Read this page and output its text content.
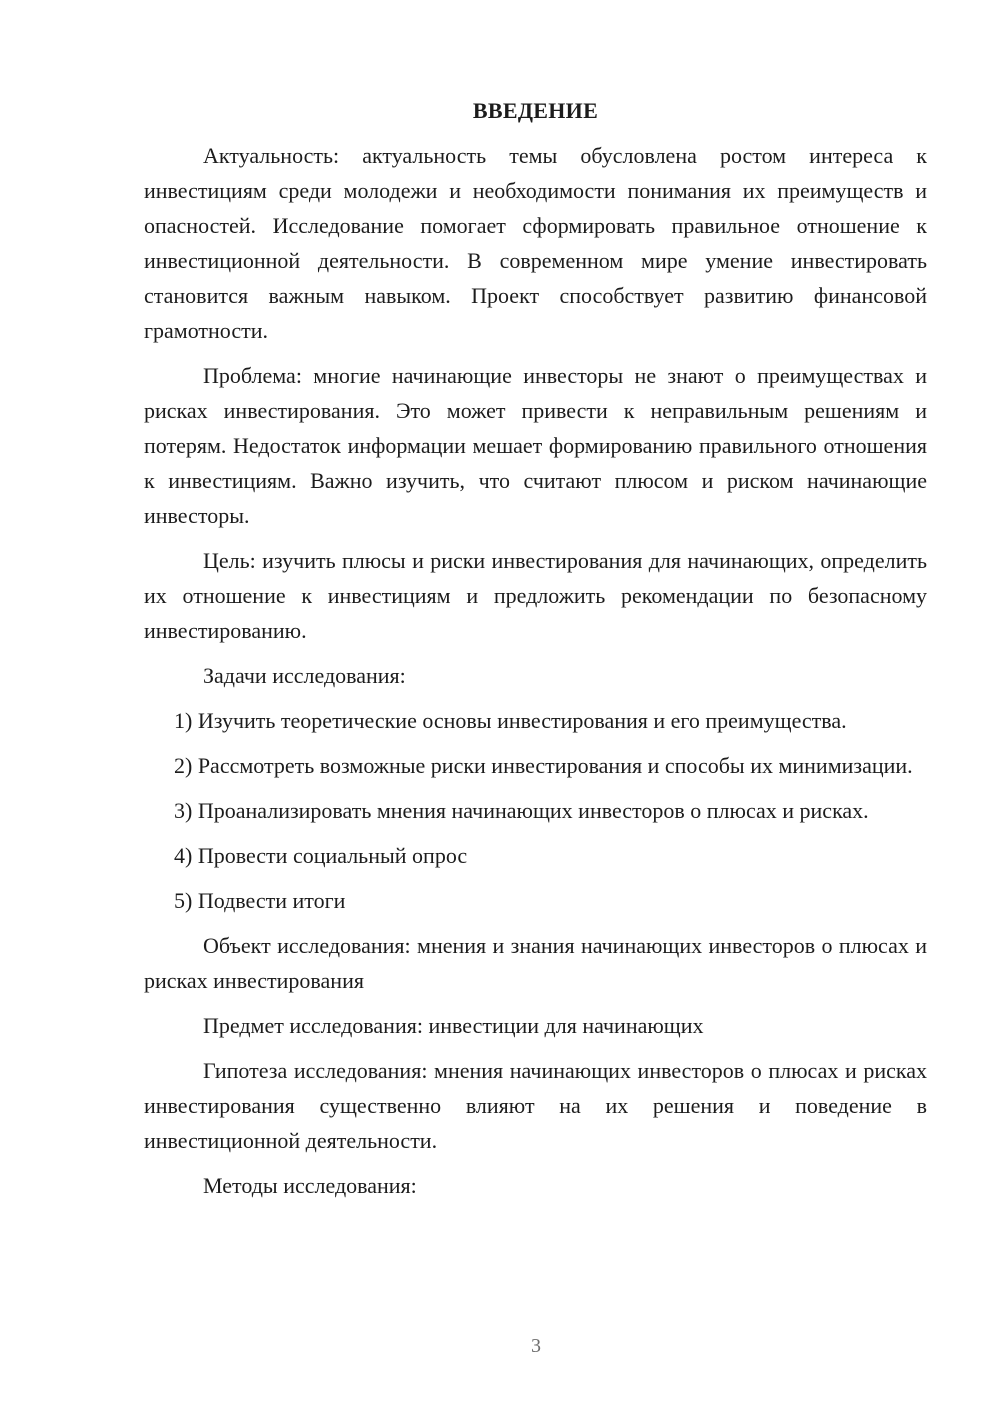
ВВЕДЕНИЕ

Актуальность: актуальность темы обусловлена ростом интереса к инвестициям среди молодежи и необходимости понимания их преимуществ и опасностей. Исследование помогает сформировать правильное отношение к инвестиционной деятельности. В современном мире умение инвестировать становится важным навыком. Проект способствует развитию финансовой грамотности.

Проблема: многие начинающие инвесторы не знают о преимуществах и рисках инвестирования. Это может привести к неправильным решениям и потерям. Недостаток информации мешает формированию правильного отношения к инвестициям. Важно изучить, что считают плюсом и риском начинающие инвесторы.

Цель: изучить плюсы и риски инвестирования для начинающих, определить их отношение к инвестициям и предложить рекомендации по безопасному инвестированию.

Задачи исследования:

1) Изучить теоретические основы инвестирования и его преимущества.

2) Рассмотреть возможные риски инвестирования и способы их минимизации.

3) Проанализировать мнения начинающих инвесторов о плюсах и рисках.

4) Провести социальный опрос

5) Подвести итоги

Объект исследования: мнения и знания начинающих инвесторов о плюсах и рисках инвестирования

Предмет исследования: инвестиции для начинающих

Гипотеза исследования: мнения начинающих инвесторов о плюсах и рисках инвестирования существенно влияют на их решения и поведение в инвестиционной деятельности.

Методы исследования:

3
